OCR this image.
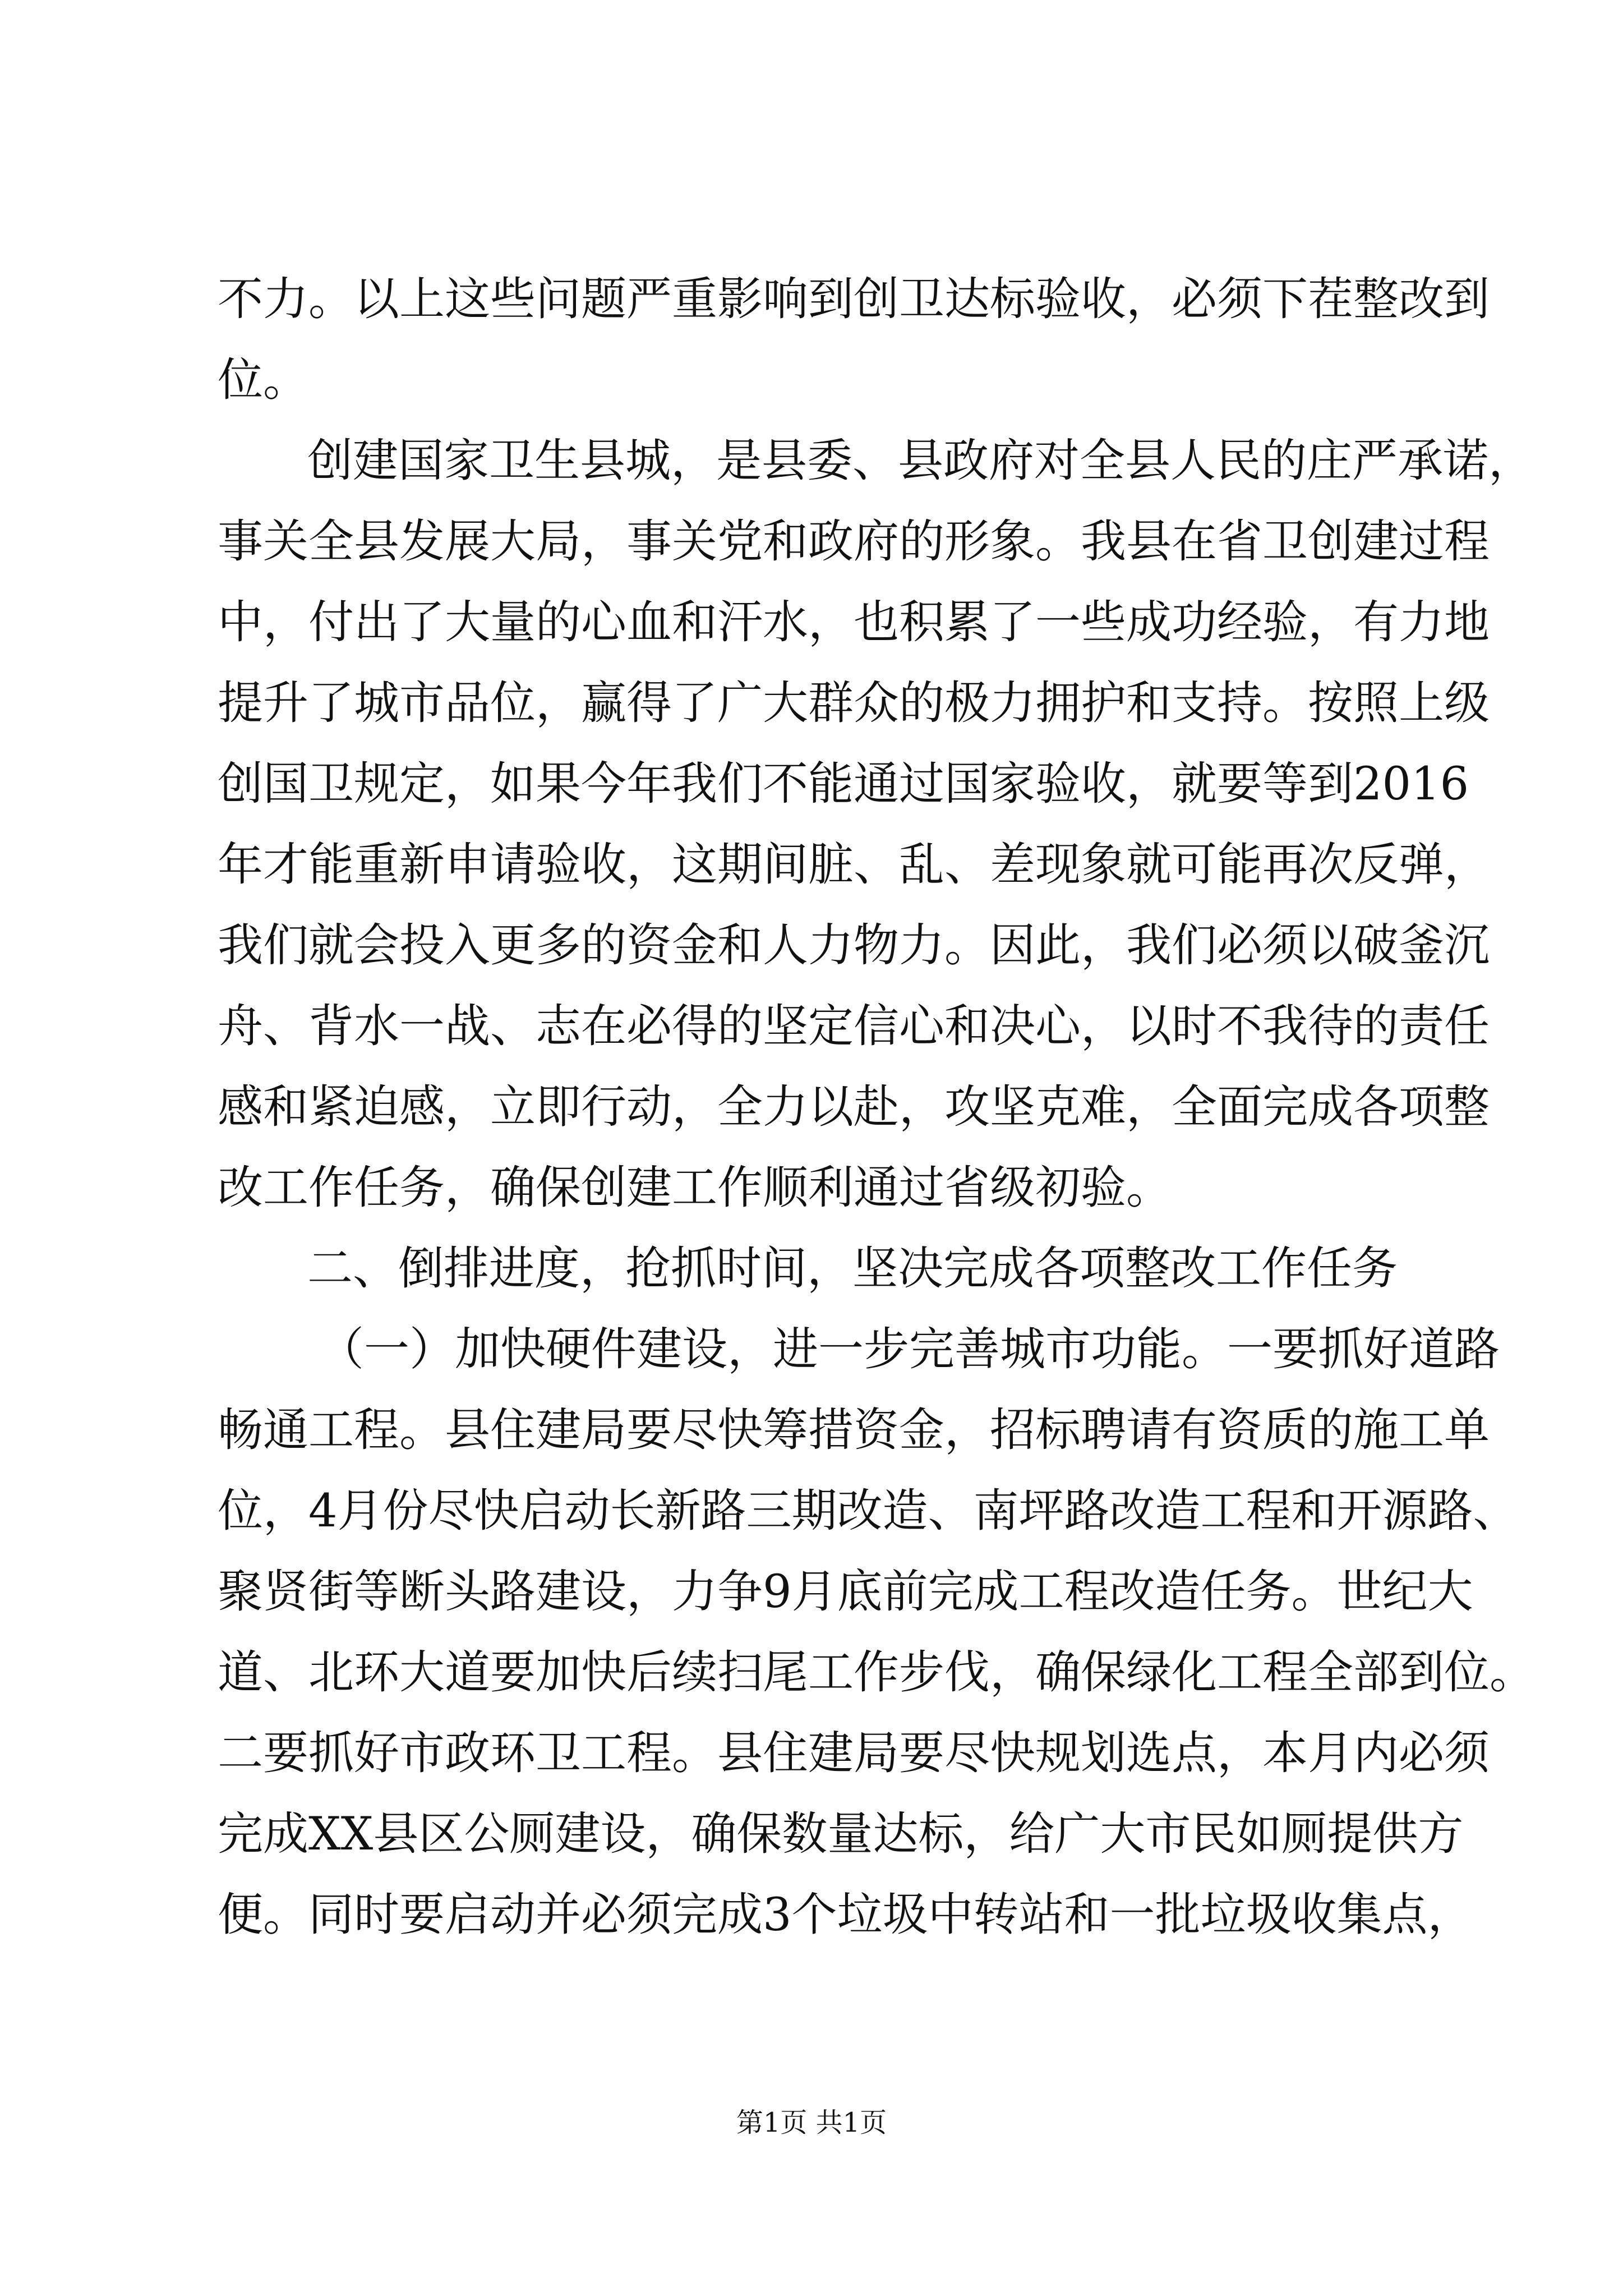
不力。以上这些问题严重影响到创卫达标验收，必须下茬整改到
位。
创建国家卫生县城，是县委、县政府对全县人民的庄严承诺，
事关全县发展大局，事关党和政府的形象。我县在省卫创建过程
中，付出了大量的心血和汗水，也积累了一些成功经验，有力地
提升了城市品位，赢得了广大群众的极力拥护和支持。按照上级
创国卫规定，如果今年我们不能通过国家验收，就要等到2016
年才能重新申请验收，这期间脏、乱、差现象就可能再次反弹，
我们就会投入更多的资金和人力物力。因此，我们必须以破釜沉
舟、背水一战、志在必得的坚定信心和决心，以时不我待的责任
感和紧迫感，立即行动，全力以赴，攻坚克难，全面完成各项整
改工作任务，确保创建工作顺利通过省级初验。
二、倒排进度，抢抓时间，坚决完成各项整改工作任务
（一）加快硬件建设，进一步完善城市功能。一要抓好道路
畅通工程。县住建局要尽快筹措资金，招标聘请有资质的施工单
位，4月份尽快启动长新路三期改造、南坪路改造工程和开源路、
聚贤街等断头路建设，力争9月底前完成工程改造任务。世纪大
道、北环大道要加快后续扫尾工作步伐，确保绿化工程全部到位。
二要抓好市政环卫工程。县住建局要尽快规划选点，本月内必须
完成XX县区公厕建设，确保数量达标，给广大市民如厕提供方
便。同时要启动并必须完成3个垃圾中转站和一批垃圾收集点，
第1页 共1页
